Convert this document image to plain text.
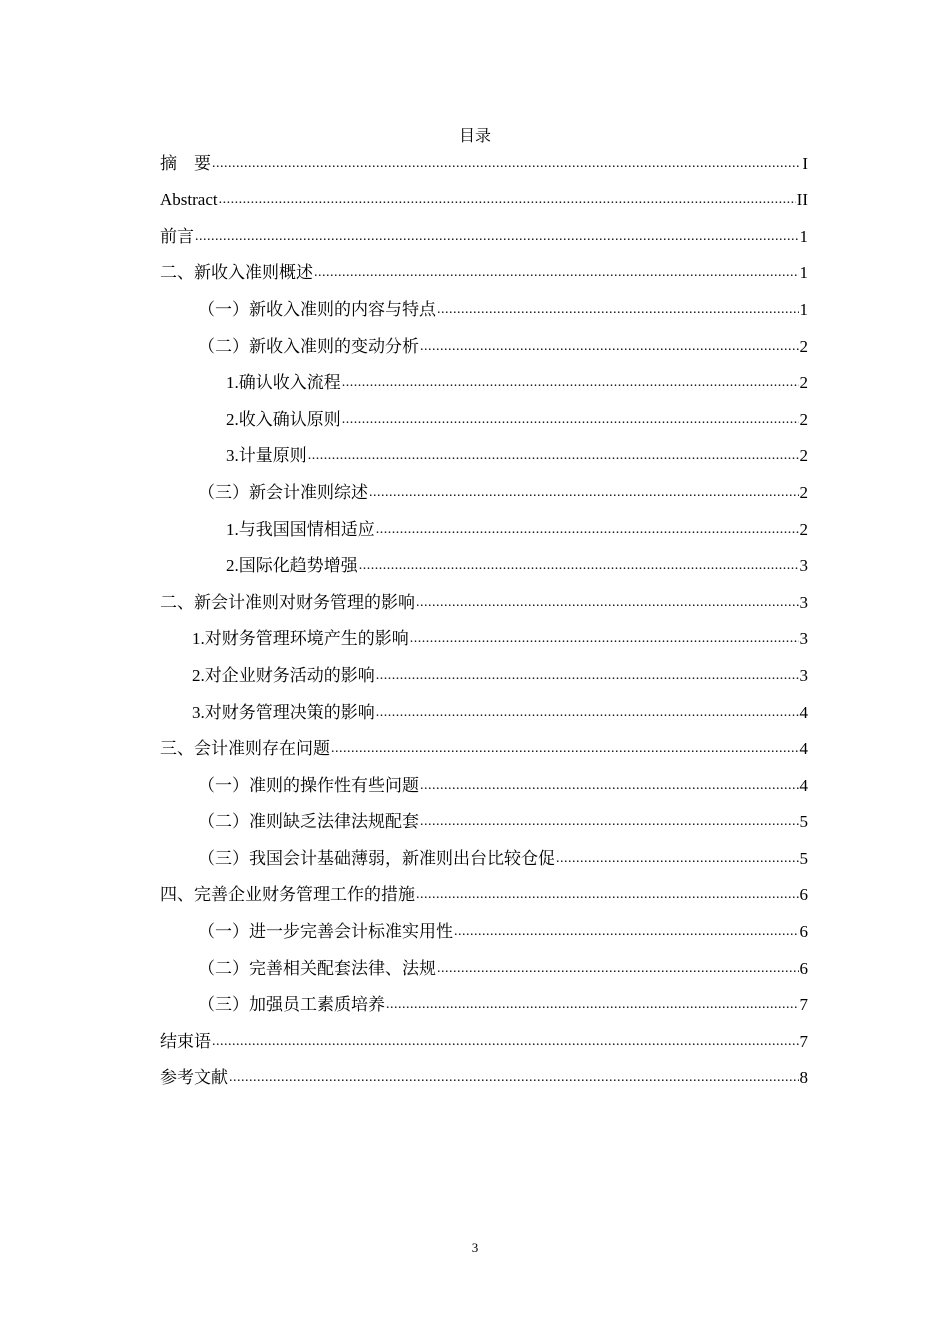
目录
摘　要 .....	I
Abstract .....	II
前言 .....	1
二、新收入准则概述 .....	1
（一）新收入准则的内容与特点 .....	1
（二）新收入准则的变动分析 .....	2
1.确认收入流程 .....	2
2.收入确认原则 .....	2
3.计量原则 .....	2
（三）新会计准则综述 .....	2
1.与我国国情相适应 .....	2
2.国际化趋势增强 .....	3
二、新会计准则对财务管理的影响 .....	3
1.对财务管理环境产生的影响 .....	3
2.对企业财务活动的影响 .....	3
3.对财务管理决策的影响 .....	4
三、会计准则存在问题 .....	4
（一）准则的操作性有些问题 .....	4
（二）准则缺乏法律法规配套 .....	5
（三）我国会计基础薄弱，新准则出台比较仓促 .....	5
四、完善企业财务管理工作的措施 .....	6
（一）进一步完善会计标准实用性 .....	6
（二）完善相关配套法律、法规 .....	6
（三）加强员工素质培养 .....	7
结束语 .....	7
参考文献 .....	8
3
